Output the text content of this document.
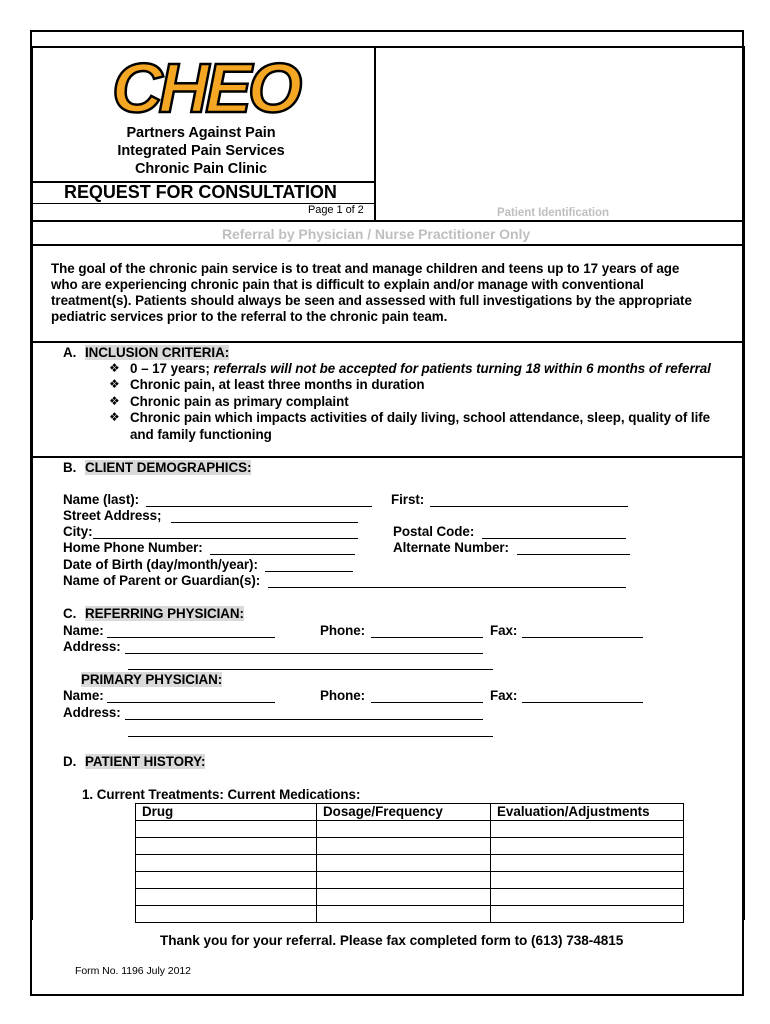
CHEO
Partners Against Pain
Integrated Pain Services
Chronic Pain Clinic
REQUEST FOR CONSULTATION
Page 1 of 2	Patient Identification
Referral by Physician / Nurse Practitioner Only
The goal of the chronic pain service is to treat and manage children and teens up to 17 years of age
who are experiencing chronic pain that is difficult to explain and/or manage with conventional
treatment(s). Patients should always be seen and assessed with full investigations by the appropriate
pediatric services prior to the referral to the chronic pain team.
A. INCLUSION CRITERIA:
❖ 0 – 17 years; referrals will not be accepted for patients turning 18 within 6 months of referral
❖ Chronic pain, at least three months in duration
❖ Chronic pain as primary complaint
❖ Chronic pain which impacts activities of daily living, school attendance, sleep, quality of life
and family functioning
B. CLIENT DEMOGRAPHICS:
Name (last):	First:
Street Address;
City:	Postal Code:
Home Phone Number:	Alternate Number:
Date of Birth (day/month/year):
Name of Parent or Guardian(s):
C. REFERRING PHYSICIAN:
Name:	Phone:	Fax:
Address:
PRIMARY PHYSICIAN:
Name:	Phone:	Fax:
Address:
D. PATIENT HISTORY:
1. Current Treatments: Current Medications:
Drug	Dosage/Frequency	Evaluation/Adjustments

Thank you for your referral. Please fax completed form to (613) 738-4815
Form No. 1196 July 2012
